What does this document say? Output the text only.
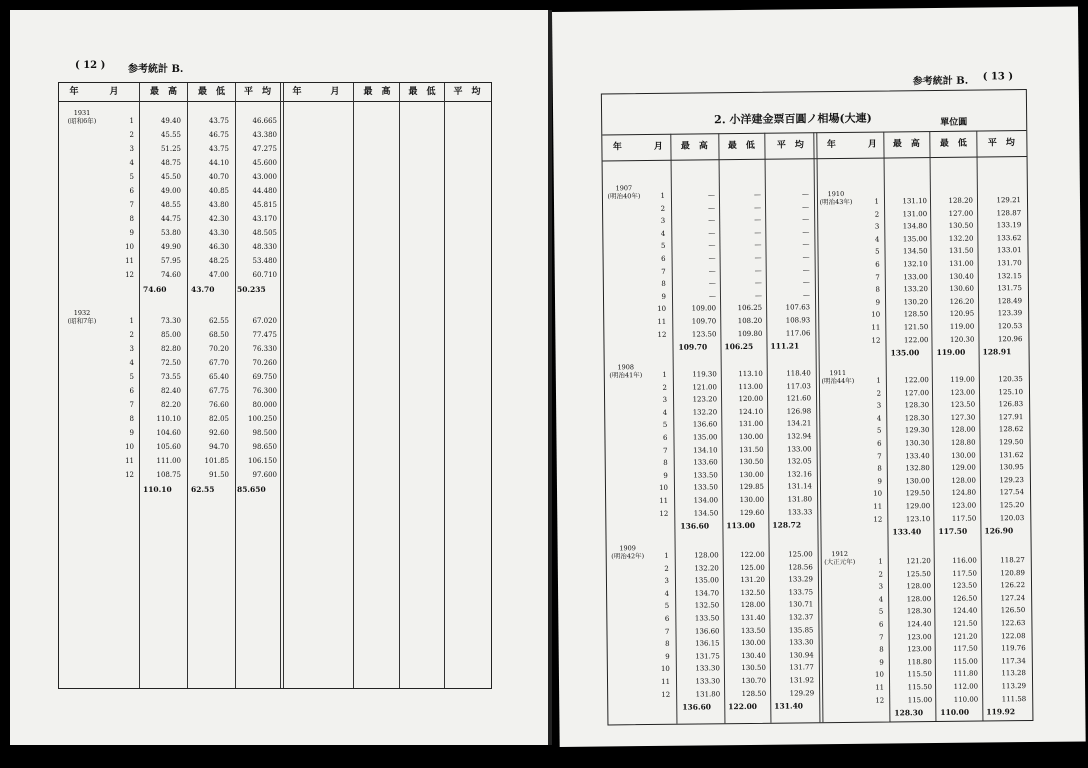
( 12 ) 参考統計 B.
年	月	最　高	最　低	平　均	年	月	最　高	最　低	平　均
1931
(昭和6年)	1	49.40	43.75	46.665
2	45.55	46.75	43.380
3	51.25	43.75	47.275
4	48.75	44.10	45.600
5	45.50	40.70	43.000
6	49.00	40.85	44.480
7	48.55	43.80	45.815
8	44.75	42.30	43.170
9	53.80	43.30	48.505
10	49.90	46.30	48.330
11	57.95	48.25	53.480
12	74.60	47.00	60.710
74.60	43.70	50.235
1932
(昭和7年)	1	73.30	62.55	67.020
2	85.00	68.50	77.475
3	82.80	70.20	76.330
4	72.50	67.70	70.260
5	73.55	65.40	69.750
6	82.40	67.75	76.300
7	82.20	76.60	80.000
8	110.10	82.05	100.250
9	104.60	92.60	98.500
10	105.60	94.70	98.650
11	111.00	101.85	106.150
12	108.75	91.50	97.600
110.10	62.55	85.650
参考統計 B. ( 13 )
2. 小洋建金票百圓ノ相場(大連)	單位圓
年	月	最　高	最　低	平　均	年	月	最　高	最　低	平　均
1907
(明治40年)	1	—	—	—
2	—	—	—
3	—	—	—
4	—	—	—
5	—	—	—
6	—	—	—
7	—	—	—
8	—	—	—
9	—	—	—
10	109.00	106.25	107.63
11	109.70	108.20	108.93
12	123.50	109.80	117.06
109.70 106.25 111.21
1908
(明治41年)	1	119.30	113.10	118.40
2	121.00	113.00	117.03
3	123.20	120.00	121.60
4	132.20	124.10	126.98
5	136.60	131.00	134.21
6	135.00	130.00	132.94
7	134.10	131.50	133.00
8	133.60	130.50	132.05
9	133.50	130.00	132.16
10	133.50	129.85	131.14
11	134.00	130.00	131.80
12	134.50	129.60	133.33
136.60 113.00 128.72
1909
(明治42年)	1	128.00	122.00	125.00
2	132.20	125.00	128.56
3	135.00	131.20	133.29
4	134.70	132.50	133.75
5	132.50	128.00	130.71
6	133.50	131.40	132.37
7	136.60	133.50	135.85
8	136.15	130.00	133.30
9	131.75	130.40	130.94
10	133.30	130.50	131.77
11	133.30	130.70	131.92
12	131.80	128.50	129.29
136.60 122.00 131.40
1910
(明治43年)	1	131.10	128.20	129.21
2	131.00	127.00	128.87
3	134.80	130.50	133.19
4	135.00	132.20	133.62
5	134.50	131.50	133.01
6	132.10	131.00	131.70
7	133.00	130.40	132.15
8	133.20	130.60	131.75
9	130.20	126.20	128.49
10	128.50	120.95	123.39
11	121.50	119.00	120.53
12	122.00	120.30	120.96
135.00 119.00 128.91
1911
(明治44年)	1	122.00	119.00	120.35
2	127.00	123.00	125.10
3	128.30	123.50	126.83
4	128.30	127.30	127.91
5	129.30	128.00	128.62
6	130.30	128.80	129.50
7	133.40	130.00	131.62
8	132.80	129.00	130.95
9	130.00	128.00	129.23
10	129.50	124.80	127.54
11	129.00	123.00	125.20
12	123.10	117.50	120.03
133.40 117.50 126.90
1912
(大正元年)	1	121.20	116.00	118.27
2	125.50	117.50	120.89
3	128.00	123.50	126.22
4	128.00	126.50	127.24
5	128.30	124.40	126.50
6	124.40	121.50	122.63
7	123.00	121.20	122.08
8	123.00	117.50	119.76
9	118.80	115.00	117.34
10	115.50	111.80	113.28
11	115.50	112.00	113.29
12	115.00	110.00	111.58
128.30 110.00 119.92
